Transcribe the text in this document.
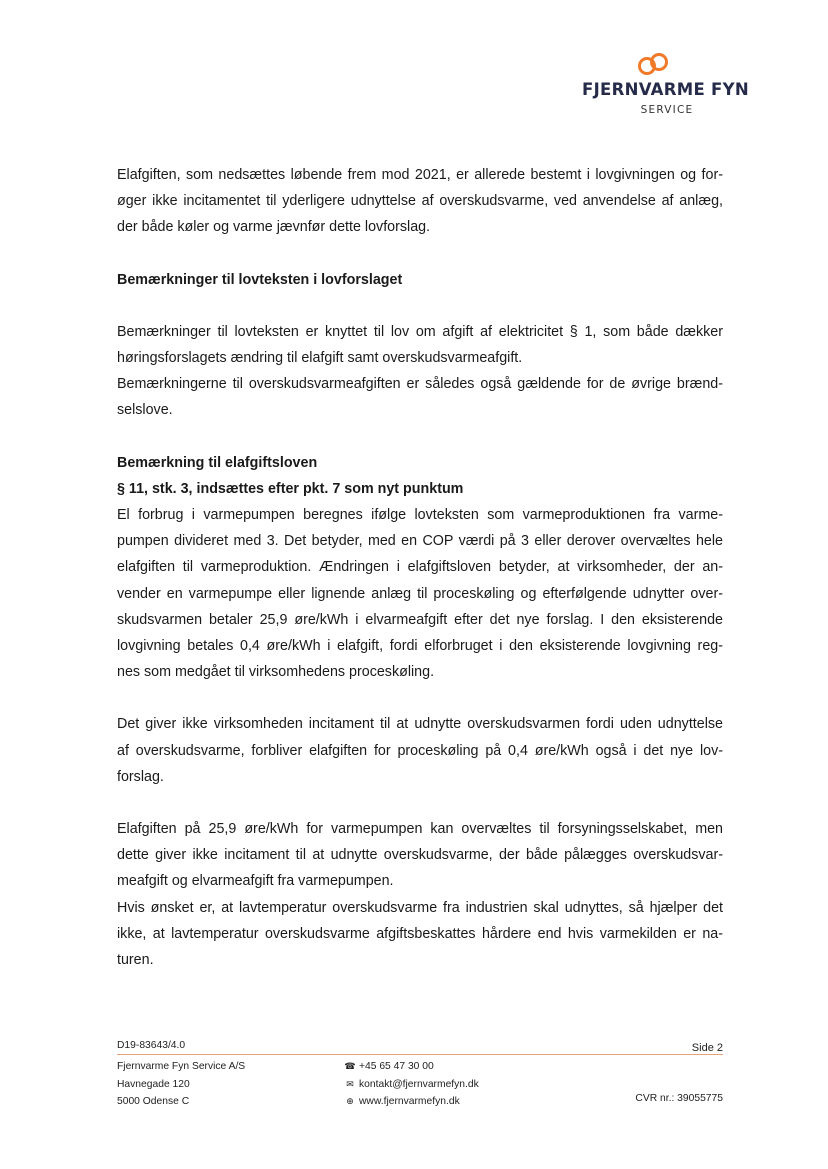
FJERNVARME FYN
SERVICE
Elafgiften, som nedsættes løbende frem mod 2021, er allerede bestemt i lovgivningen og for-
øger ikke incitamentet til yderligere udnyttelse af overskudsvarme, ved anvendelse af anlæg,
der både køler og varme jævnfør dette lovforslag.
Bemærkninger til lovteksten i lovforslaget
Bemærkninger til lovteksten er knyttet til lov om afgift af elektricitet § 1, som både dækker
høringsforslagets ændring til elafgift samt overskudsvarmeafgift.
Bemærkningerne til overskudsvarmeafgiften er således også gældende for de øvrige brænd-
selslove.
Bemærkning til elafgiftsloven
§ 11, stk. 3, indsættes efter pkt. 7 som nyt punktum
El forbrug i varmepumpen beregnes ifølge lovteksten som varmeproduktionen fra varme-
pumpen divideret med 3. Det betyder, med en COP værdi på 3 eller derover overvæltes hele
elafgiften til varmeproduktion. Ændringen i elafgiftsloven betyder, at virksomheder, der an-
vender en varmepumpe eller lignende anlæg til proceskøling og efterfølgende udnytter over-
skudsvarmen betaler 25,9 øre/kWh i elvarmeafgift efter det nye forslag. I den eksisterende
lovgivning betales 0,4 øre/kWh i elafgift, fordi elforbruget i den eksisterende lovgivning reg-
nes som medgået til virksomhedens proceskøling.
Det giver ikke virksomheden incitament til at udnytte overskudsvarmen fordi uden udnyttelse
af overskudsvarme, forbliver elafgiften for proceskøling på 0,4 øre/kWh også i det nye lov-
forslag.
Elafgiften på 25,9 øre/kWh for varmepumpen kan overvæltes til forsyningsselskabet, men
dette giver ikke incitament til at udnytte overskudsvarme, der både pålægges overskudsvar-
meafgift og elvarmeafgift fra varmepumpen.
Hvis ønsket er, at lavtemperatur overskudsvarme fra industrien skal udnyttes, så hjælper det
ikke, at lavtemperatur overskudsvarme afgiftsbeskattes hårdere end hvis varmekilden er na-
turen.
D19-83643/4.0	Side 2
Fjernvarme Fyn Service A/S
Havnegade 120
5000 Odense C
☎ +45 65 47 30 00
✉ kontakt@fjernvarmefyn.dk
⊕ www.fjernvarmefyn.dk	CVR nr.: 39055775
